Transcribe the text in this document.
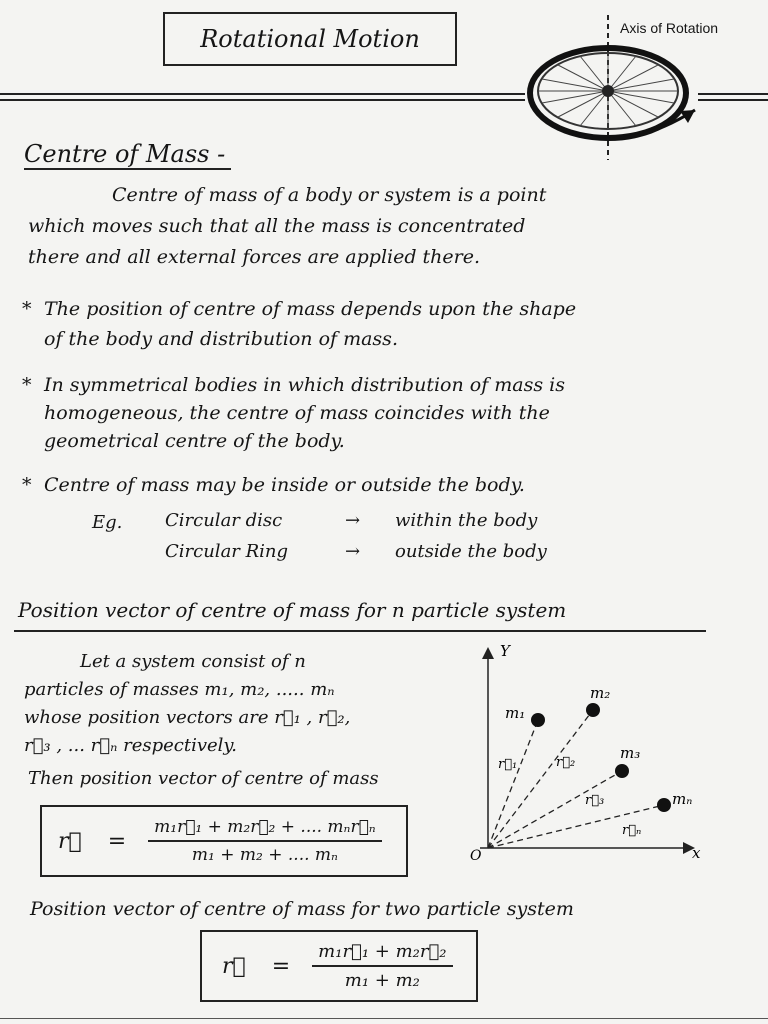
Rotational Motion	Axis of Rotation
Centre of Mass -
Centre of mass of a body or system is a point
which moves such that all the mass is concentrated
there and all external forces are applied there.
* The position of centre of mass depends upon the shape
of the body and distribution of mass.
* In symmetrical bodies in which distribution of mass is
homogeneous, the centre of mass coincides with the
geometrical centre of the body.
* Centre of mass may be inside or outside the body.
Eg. Circular disc	→ within the body
Circular Ring	→ outside the body
Position vector of centre of mass for n particle system
Let a system consist of n
particles of masses m₁, m₂, ..... mₙ
whose position vectors are r⃗₁ , r⃗₂,
r⃗₃ , ... r⃗ₙ respectively.
Then position vector of centre of mass
r⃗ = $\frac{\text{m₁r⃗₁ + m₂r⃗₂ + .... mₙr⃗ₙ}}{\text{m₁ + m₂ + .... mₙ}}$
Y
x
O
m₁
m₂
m₃
mₙ
r⃗₁	r⃗₂
r⃗₃
r⃗ₙ
Position vector of centre of mass for two particle system
r⃗ = $\frac{\text{m₁r⃗₁ + m₂r⃗₂}}{\text{m₁ + m₂}}$
